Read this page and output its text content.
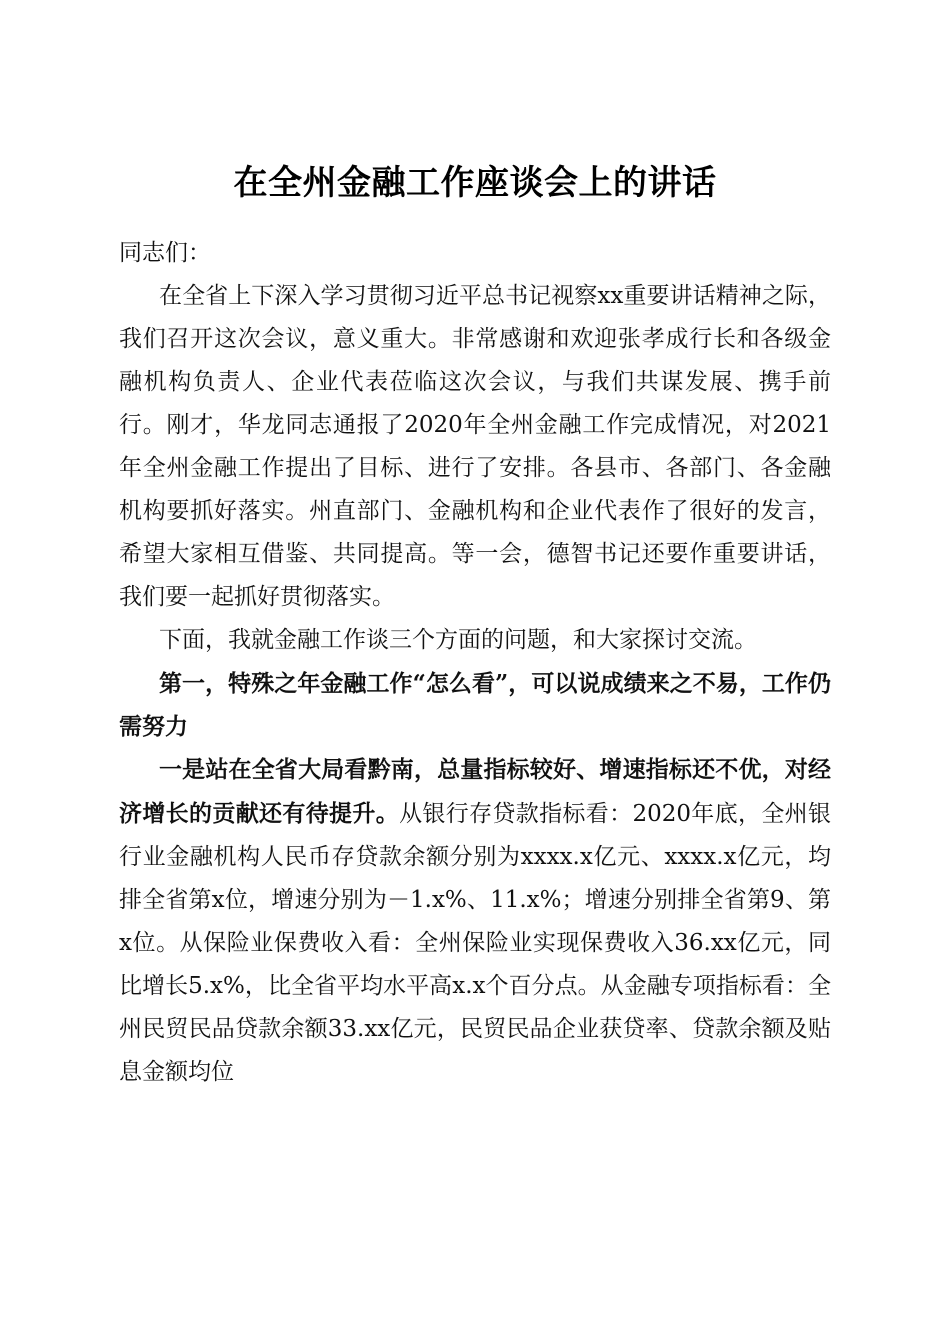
在全州金融工作座谈会上的讲话

同志们：

在全省上下深入学习贯彻习近平总书记视察xx重要讲话精神之际，我们召开这次会议，意义重大。非常感谢和欢迎张孝成行长和各级金融机构负责人、企业代表莅临这次会议，与我们共谋发展、携手前行。刚才，华龙同志通报了2020年全州金融工作完成情况，对2021年全州金融工作提出了目标、进行了安排。各县市、各部门、各金融机构要抓好落实。州直部门、金融机构和企业代表作了很好的发言，希望大家相互借鉴、共同提高。等一会，德智书记还要作重要讲话，我们要一起抓好贯彻落实。

下面，我就金融工作谈三个方面的问题，和大家探讨交流。

第一，特殊之年金融工作“怎么看”，可以说成绩来之不易，工作仍需努力

一是站在全省大局看黔南，总量指标较好、增速指标还不优，对经济增长的贡献还有待提升。从银行存贷款指标看：2020年底，全州银行业金融机构人民币存贷款余额分别为xxxx.x亿元、xxxx.x亿元，均排全省第x位，增速分别为－1.x%、11.x%；增速分别排全省第9、第x位。从保险业保费收入看：全州保险业实现保费收入36.xx亿元，同比增长5.x%，比全省平均水平高x.x个百分点。从金融专项指标看：全州民贸民品贷款余额33.xx亿元，民贸民品企业获贷率、贷款余额及贴息金额均位
